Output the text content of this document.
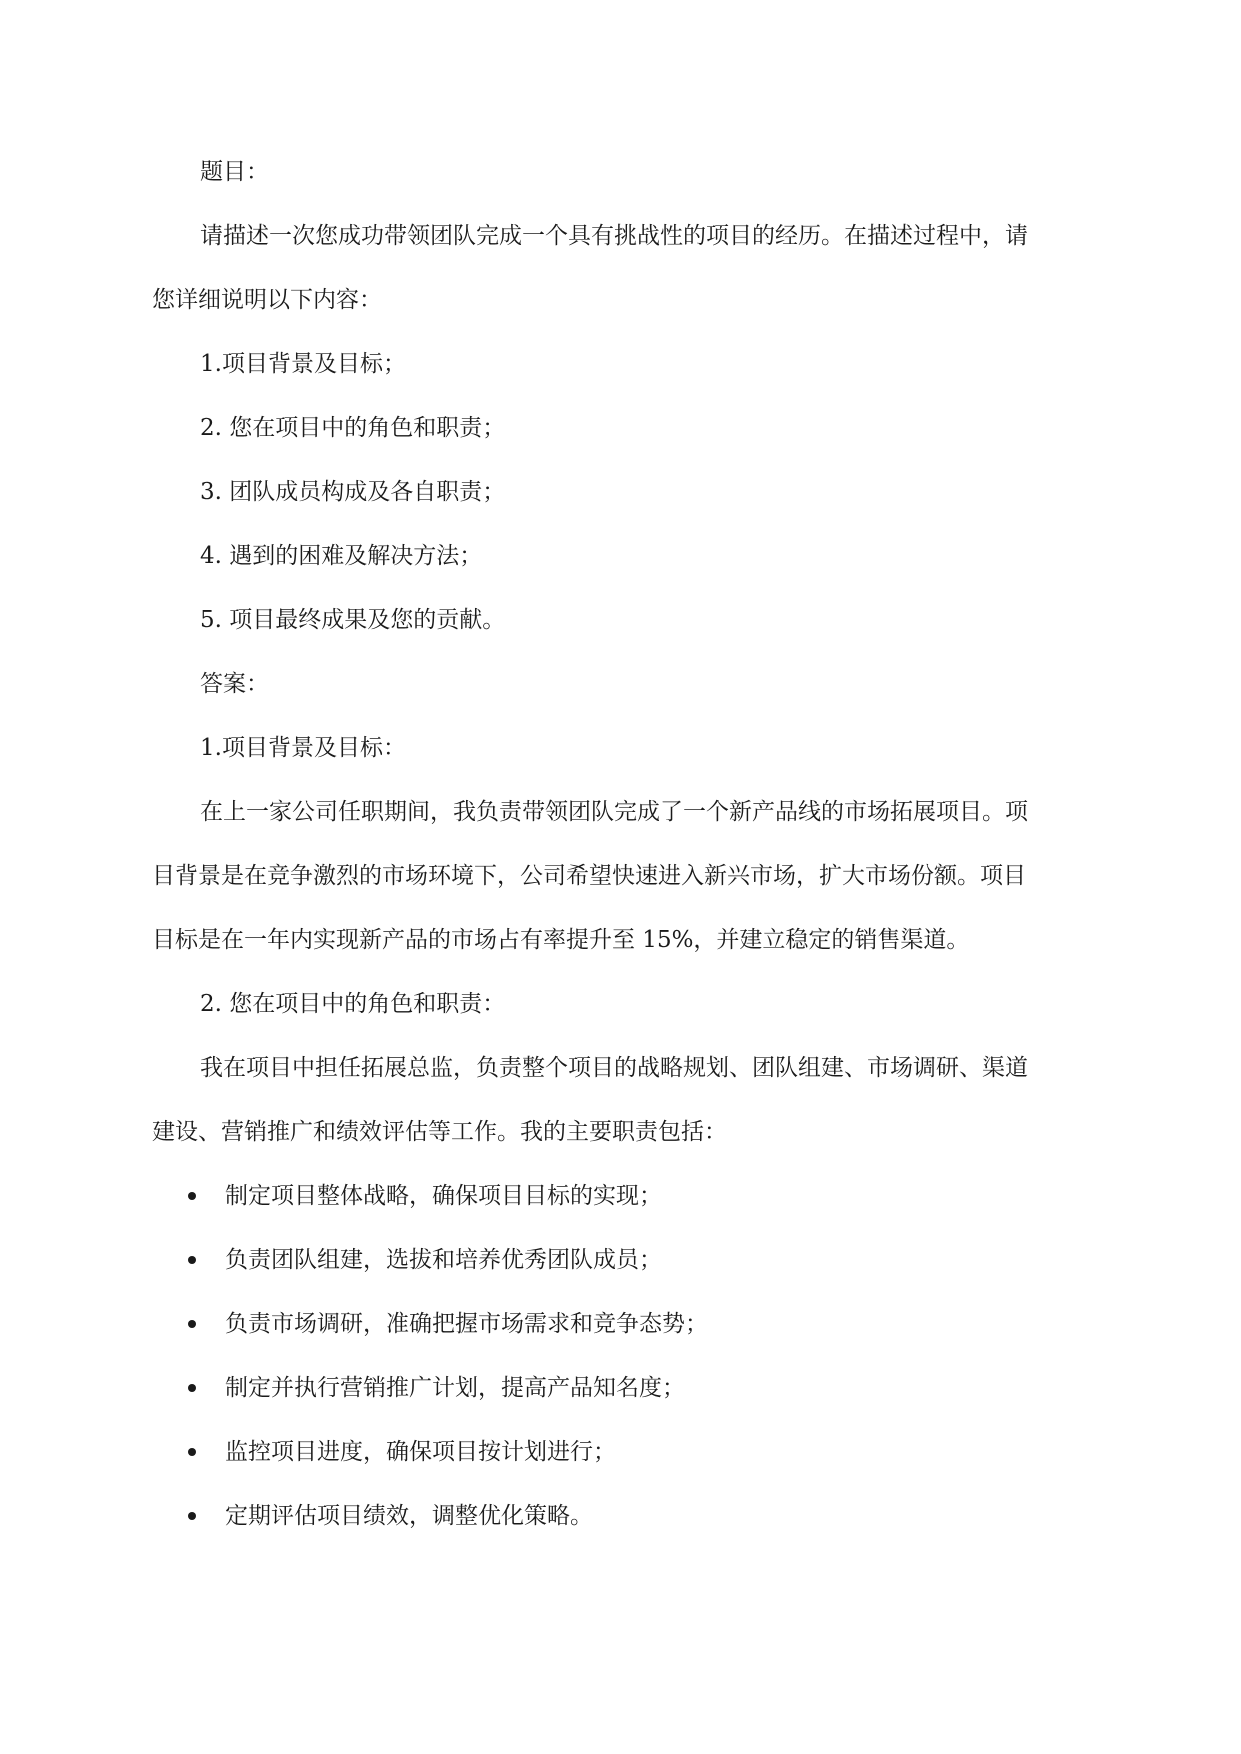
题目：

请描述一次您成功带领团队完成一个具有挑战性的项目的经历。在描述过程中，请

您详细说明以下内容：

1.项目背景及目标；

2. 您在项目中的角色和职责；

3. 团队成员构成及各自职责；

4. 遇到的困难及解决方法；

5. 项目最终成果及您的贡献。

答案：

1.项目背景及目标：

在上一家公司任职期间，我负责带领团队完成了一个新产品线的市场拓展项目。项

目背景是在竞争激烈的市场环境下，公司希望快速进入新兴市场，扩大市场份额。项目

目标是在一年内实现新产品的市场占有率提升至 15%，并建立稳定的销售渠道。

2. 您在项目中的角色和职责：

我在项目中担任拓展总监，负责整个项目的战略规划、团队组建、市场调研、渠道

建设、营销推广和绩效评估等工作。我的主要职责包括：

制定项目整体战略，确保项目目标的实现；
负责团队组建，选拔和培养优秀团队成员；
负责市场调研，准确把握市场需求和竞争态势；
制定并执行营销推广计划，提高产品知名度；
监控项目进度，确保项目按计划进行；
定期评估项目绩效，调整优化策略。
